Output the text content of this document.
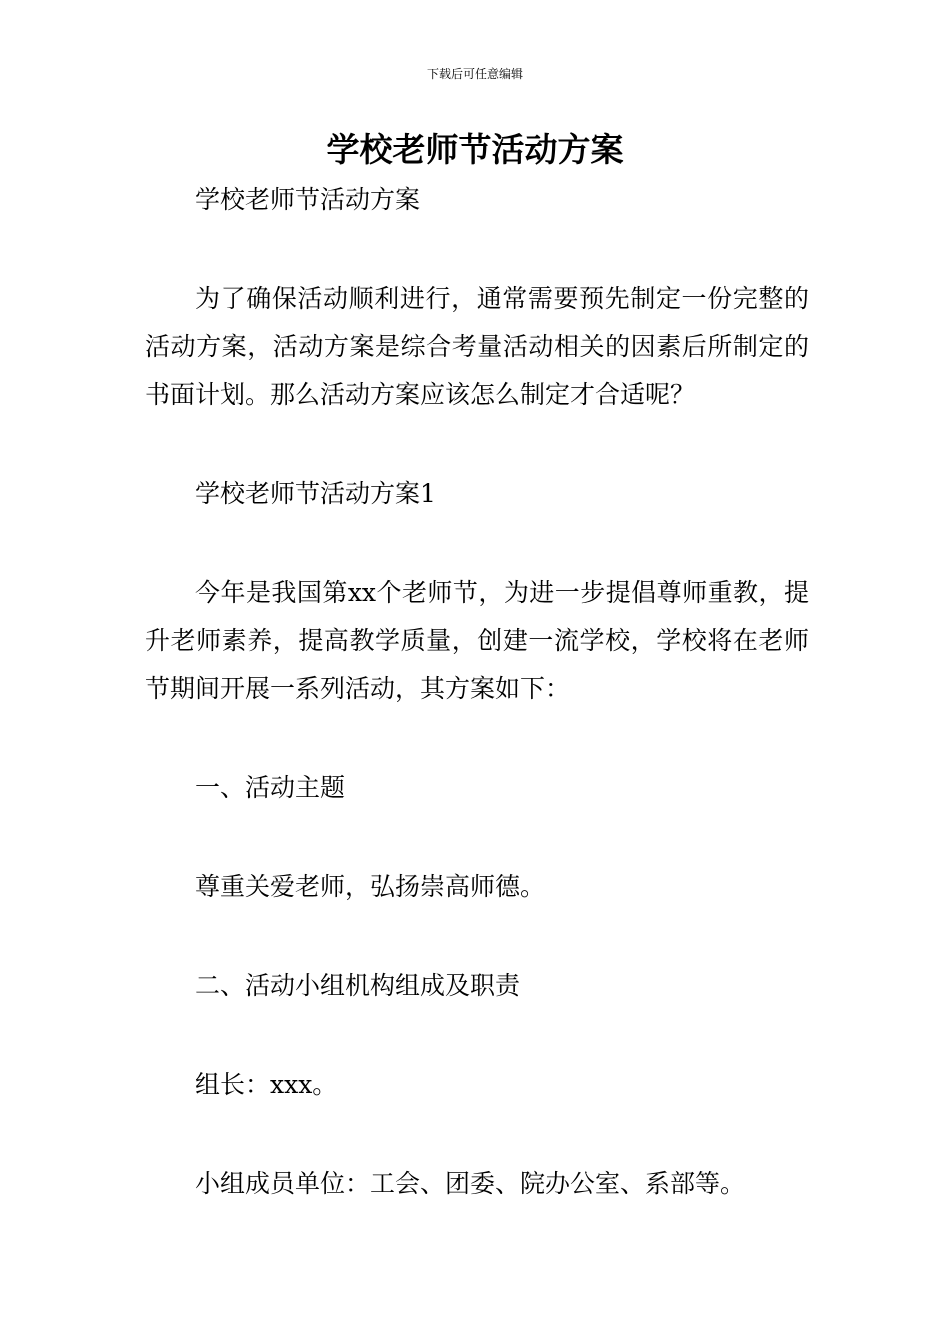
下载后可任意编辑
学校老师节活动方案

学校老师节活动方案

为了确保活动顺利进行，通常需要预先制定一份完整的活动方案，活动方案是综合考量活动相关的因素后所制定的书面计划。那么活动方案应该怎么制定才合适呢？

学校老师节活动方案1

今年是我国第xx个老师节，为进一步提倡尊师重教，提升老师素养，提高教学质量，创建一流学校，学校将在老师节期间开展一系列活动，其方案如下：

一、活动主题

尊重关爱老师，弘扬崇高师德。

二、活动小组机构组成及职责

组长：xxx。

小组成员单位：工会、团委、院办公室、系部等。
